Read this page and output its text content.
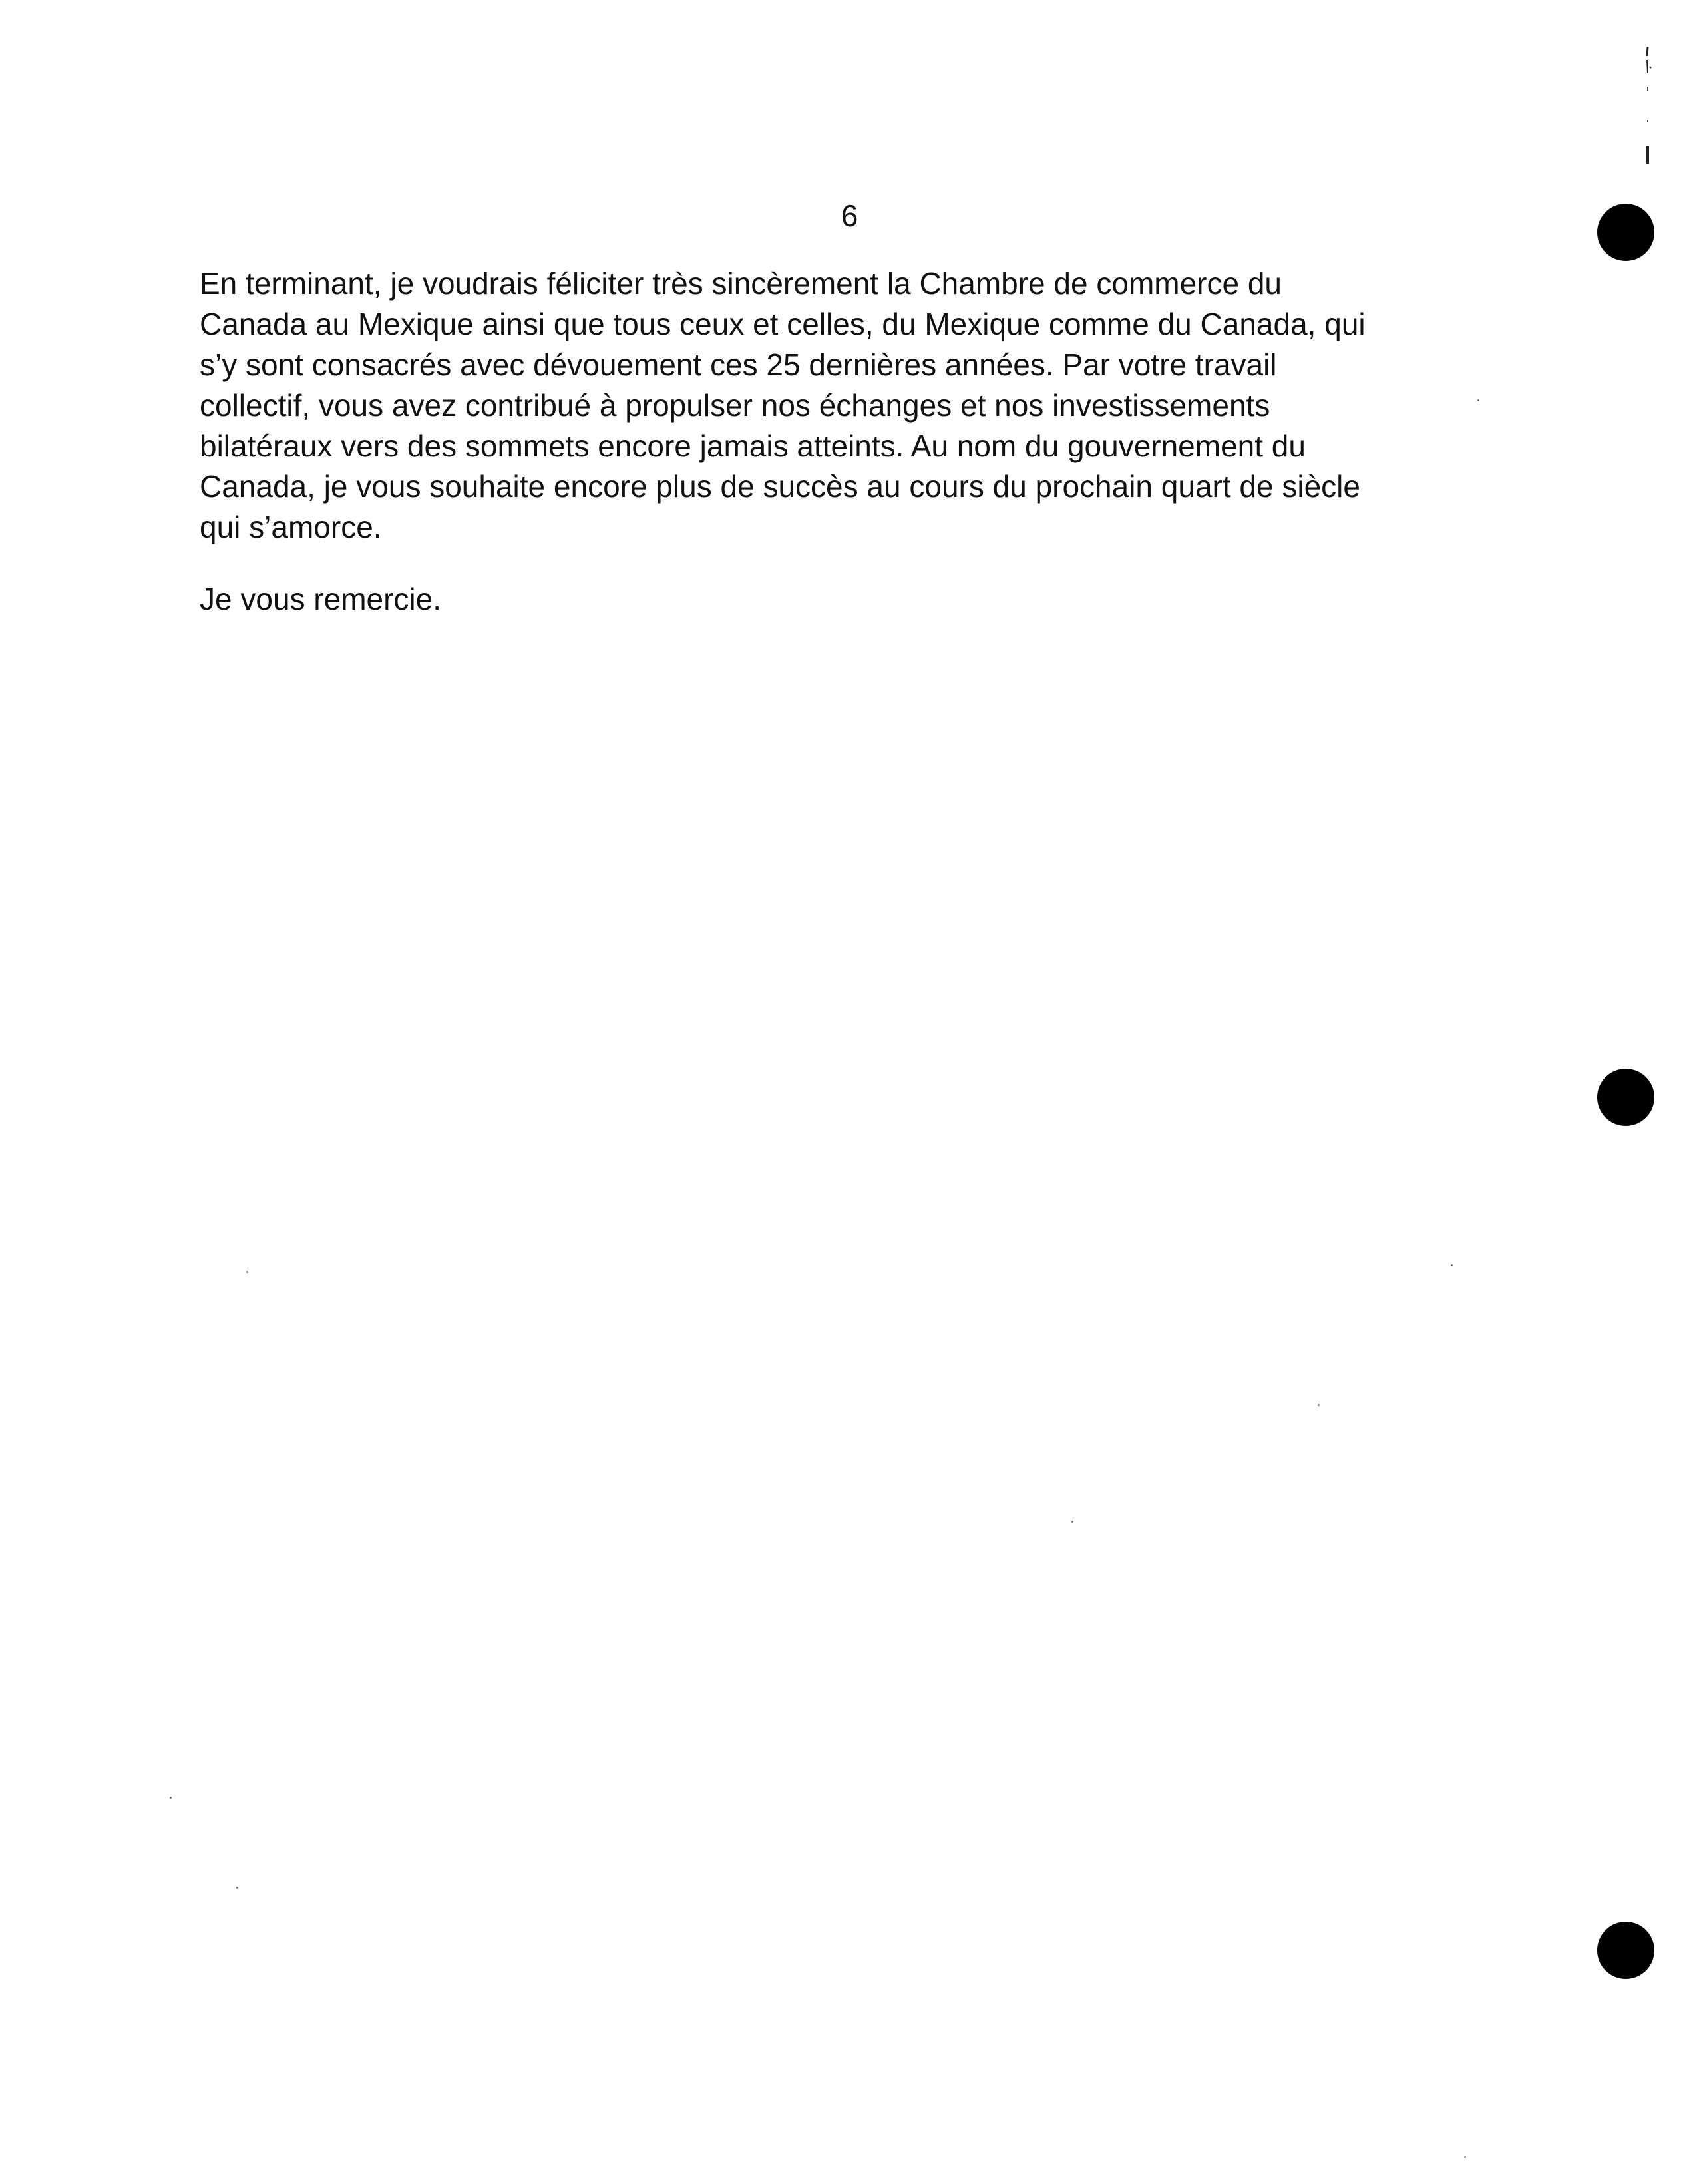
6

En terminant, je voudrais féliciter très sincèrement la Chambre de commerce du
Canada au Mexique ainsi que tous ceux et celles, du Mexique comme du Canada, qui
s’y sont consacrés avec dévouement ces 25 dernières années. Par votre travail
collectif, vous avez contribué à propulser nos échanges et nos investissements
bilatéraux vers des sommets encore jamais atteints. Au nom du gouvernement du
Canada, je vous souhaite encore plus de succès au cours du prochain quart de siècle
qui s’amorce.

Je vous remercie.
